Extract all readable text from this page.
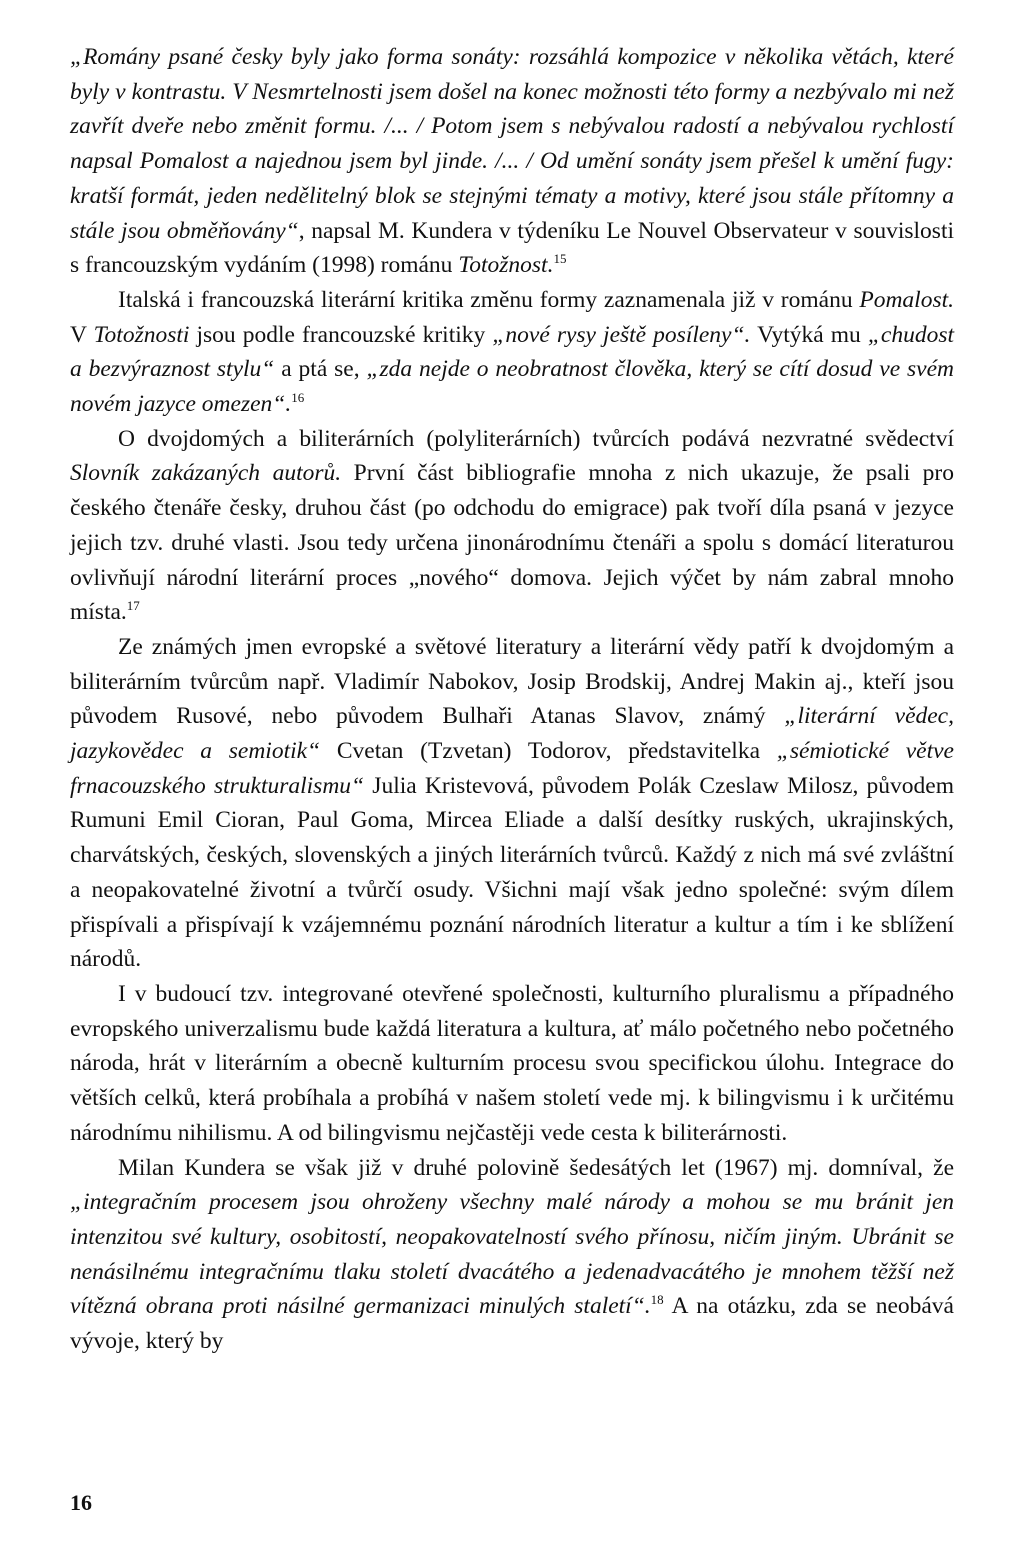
„Romány psané česky byly jako forma sonáty: rozsáhlá kompozice v několika větách, které byly v kontrastu. V Nesmrtelnosti jsem došel na konec možnosti této formy a nezbývalo mi než zavřít dveře nebo změnit formu. /... / Potom jsem s nebývalou radostí a nebývalou rychlostí napsal Pomalost a najednou jsem byl jinde. /... / Od umění sonáty jsem přešel k umění fugy: kratší formát, jeden nedělitelný blok se stejnými tématy a motivy, které jsou stále přítomny a stále jsou obměňovány“, napsal M. Kundera v týdeníku Le Nouvel Observateur v souvislosti s francouzským vydáním (1998) románu Totožnost.$^{15}$

Italská i francouzská literární kritika změnu formy zaznamenala již v románu Pomalost. V Totožnosti jsou podle francouzské kritiky „nové rysy ještě posíleny“. Vytýká mu „chudost a bezvýraznost stylu“ a ptá se, „zda nejde o neobratnost člověka, který se cítí dosud ve svém novém jazyce omezen“.$^{16}$

O dvojdomých a biliterárních (polyliterárních) tvůrcích podává nezvratné svědectví Slovník zakázaných autorů. První část bibliografie mnoha z nich ukazuje, že psali pro českého čtenáře česky, druhou část (po odchodu do emigrace) pak tvoří díla psaná v jezyce jejich tzv. druhé vlasti. Jsou tedy určena jinonárodnímu čtenáři a spolu s domácí literaturou ovlivňují národní literární proces „nového“ domova. Jejich výčet by nám zabral mnoho místa.$^{17}$

Ze známých jmen evropské a světové literatury a literární vědy patří k dvojdomým a biliterárním tvůrcům např. Vladimír Nabokov, Josip Brodskij, Andrej Makin aj., kteří jsou původem Rusové, nebo původem Bulhaři Atanas Slavov, známý „literární vědec, jazykovědec a semiotik“ Cvetan (Tzvetan) Todorov, představitelka „sémiotické větve frnacouzského strukturalismu“ Julia Kristevová, původem Polák Czeslaw Milosz, původem Rumuni Emil Cioran, Paul Goma, Mircea Eliade a další desítky ruských, ukrajinských, charvátských, českých, slovenských a jiných literárních tvůrců. Každý z nich má své zvláštní a neopakovatelné životní a tvůrčí osudy. Všichni mají však jedno společné: svým dílem přispívali a přispívají k vzájemnému poznání národních literatur a kultur a tím i ke sblížení národů.

I v budoucí tzv. integrované otevřené společnosti, kulturního pluralismu a případného evropského univerzalismu bude každá literatura a kultura, ať málo početného nebo početného národa, hrát v literárním a obecně kulturním procesu svou specifickou úlohu. Integrace do větších celků, která probíhala a probíhá v našem století vede mj. k bilingvismu i k určitému národnímu nihilismu. A od bilingvismu nejčastěji vede cesta k biliterárnosti.

Milan Kundera se však již v druhé polovině šedesátých let (1967) mj. domníval, že „integračním procesem jsou ohroženy všechny malé národy a mohou se mu bránit jen intenzitou své kultury, osobitostí, neopakovatelností svého přínosu, ničím jiným. Ubránit se nenásilnému integračnímu tlaku století dvacátého a jedenadvacátého je mnohem těžší než vítězná obrana proti násilné germanizaci minulých staletí“.$^{18}$ A na otázku, zda se neobává vývoje, který by

16
